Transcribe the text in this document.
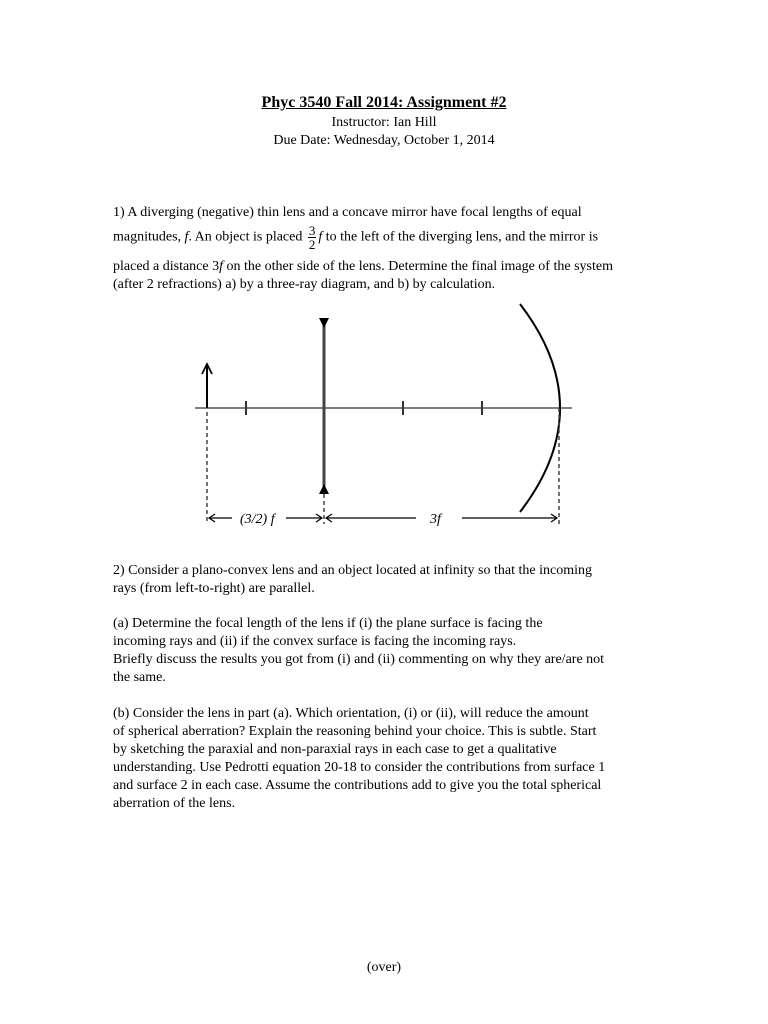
Phyc 3540 Fall 2014: Assignment #2
Instructor: Ian Hill
Due Date: Wednesday, October 1, 2014
1) A diverging (negative) thin lens and a concave mirror have focal lengths of equal
magnitudes, f. An object is placed $\frac{3}{2}$ f to the left of the diverging lens, and the mirror is
placed a distance 3f on the other side of the lens. Determine the final image of the system
(after 2 refractions) a) by a three-ray diagram, and b) by calculation.
(3/2) f	3f
2) Consider a plano-convex lens and an object located at infinity so that the incoming
rays (from left-to-right) are parallel.
(a) Determine the focal length of the lens if (i) the plane surface is facing the
incoming rays and (ii) if the convex surface is facing the incoming rays.
Briefly discuss the results you got from (i) and (ii) commenting on why they are/are not
the same.
(b) Consider the lens in part (a). Which orientation, (i) or (ii), will reduce the amount
of spherical aberration? Explain the reasoning behind your choice. This is subtle. Start
by sketching the paraxial and non-paraxial rays in each case to get a qualitative
understanding. Use Pedrotti equation 20-18 to consider the contributions from surface 1
and surface 2 in each case. Assume the contributions add to give you the total spherical
aberration of the lens.
(over)
